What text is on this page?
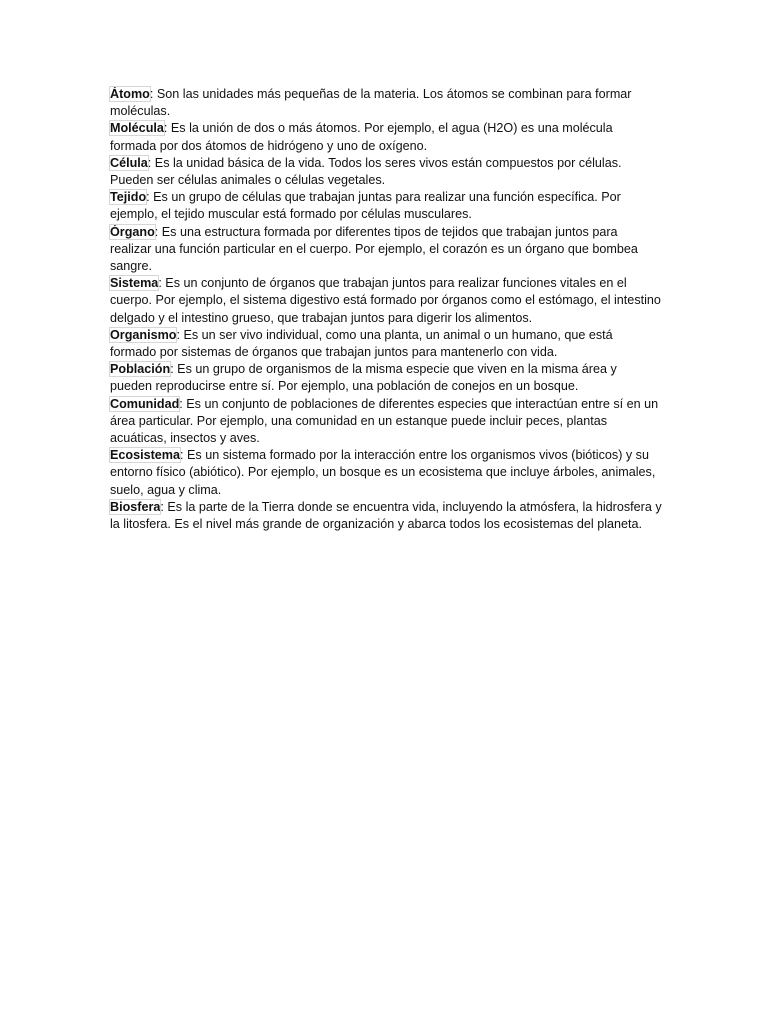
Átomo: Son las unidades más pequeñas de la materia. Los átomos se combinan para formar moléculas.

Molécula: Es la unión de dos o más átomos. Por ejemplo, el agua (H2O) es una molécula formada por dos átomos de hidrógeno y uno de oxígeno.

Célula: Es la unidad básica de la vida. Todos los seres vivos están compuestos por células. Pueden ser células animales o células vegetales.

Tejido: Es un grupo de células que trabajan juntas para realizar una función específica. Por ejemplo, el tejido muscular está formado por células musculares.

Órgano: Es una estructura formada por diferentes tipos de tejidos que trabajan juntos para realizar una función particular en el cuerpo. Por ejemplo, el corazón es un órgano que bombea sangre.

Sistema: Es un conjunto de órganos que trabajan juntos para realizar funciones vitales en el cuerpo. Por ejemplo, el sistema digestivo está formado por órganos como el estómago, el intestino delgado y el intestino grueso, que trabajan juntos para digerir los alimentos.

Organismo: Es un ser vivo individual, como una planta, un animal o un humano, que está formado por sistemas de órganos que trabajan juntos para mantenerlo con vida.

Población: Es un grupo de organismos de la misma especie que viven en la misma área y pueden reproducirse entre sí. Por ejemplo, una población de conejos en un bosque.

Comunidad: Es un conjunto de poblaciones de diferentes especies que interactúan entre sí en un área particular. Por ejemplo, una comunidad en un estanque puede incluir peces, plantas acuáticas, insectos y aves.

Ecosistema: Es un sistema formado por la interacción entre los organismos vivos (bióticos) y su entorno físico (abiótico). Por ejemplo, un bosque es un ecosistema que incluye árboles, animales, suelo, agua y clima.

Biosfera: Es la parte de la Tierra donde se encuentra vida, incluyendo la atmósfera, la hidrosfera y la litosfera. Es el nivel más grande de organización y abarca todos los ecosistemas del planeta.
